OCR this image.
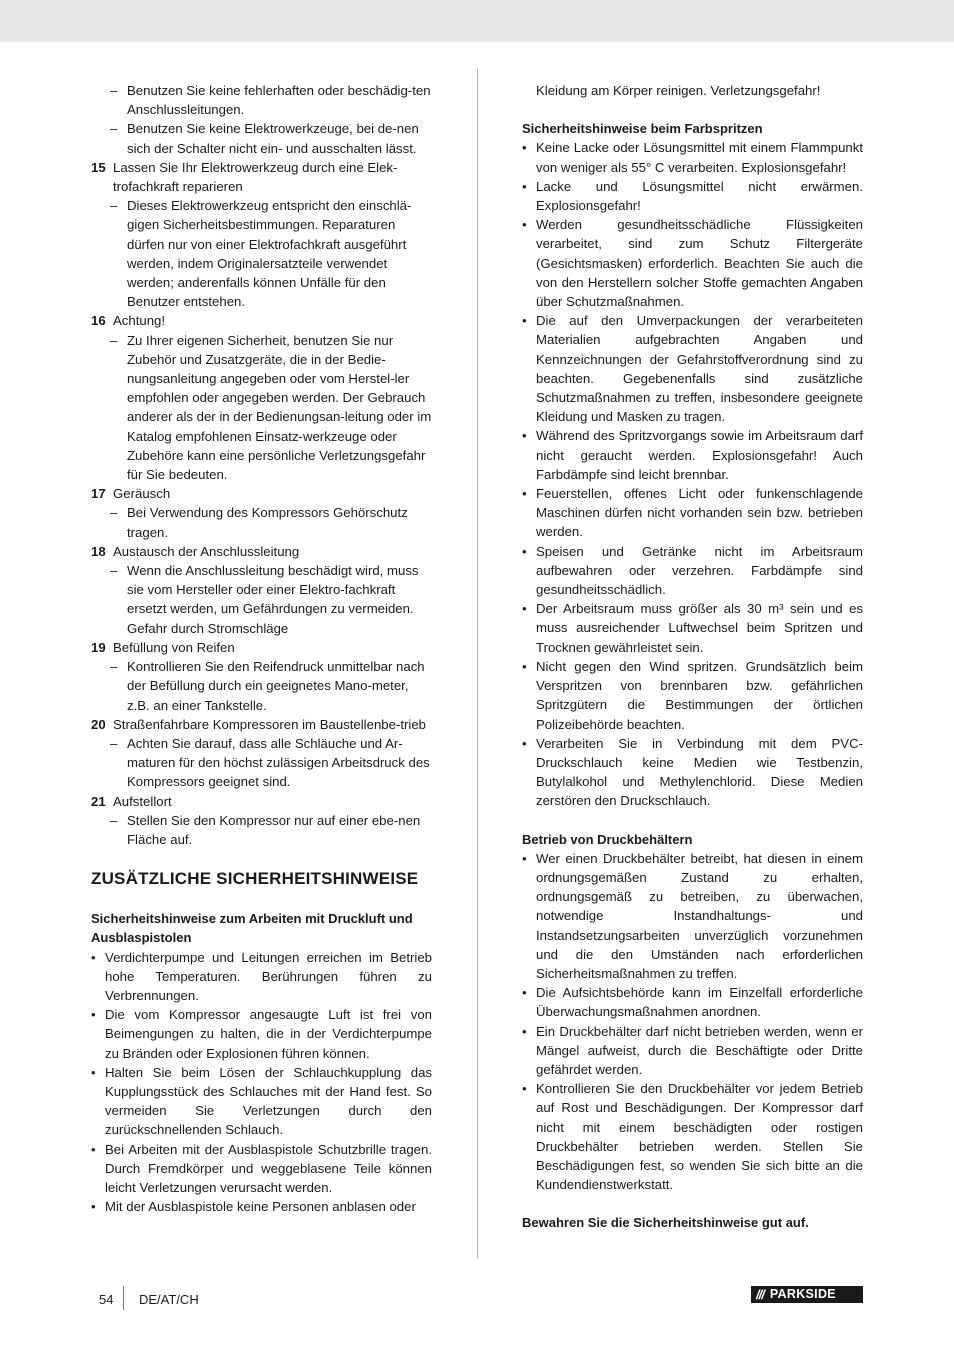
– Benutzen Sie keine fehlerhaften oder beschädig-ten Anschlussleitungen.
– Benutzen Sie keine Elektrowerkzeuge, bei de-nen sich der Schalter nicht ein- und ausschalten lässt.
15 Lassen Sie Ihr Elektrowerkzeug durch eine Elek-trofachkraft reparieren
– Dieses Elektrowerkzeug entspricht den einschlä-gigen Sicherheitsbestimmungen. Reparaturen dürfen nur von einer Elektrofachkraft ausgeführt werden, indem Originalersatzteile verwendet werden; anderenfalls können Unfälle für den Benutzer entstehen.
16 Achtung!
– Zu Ihrer eigenen Sicherheit, benutzen Sie nur Zubehör und Zusatzgeräte, die in der Bedie-nungsanleitung angegeben oder vom Herstel-ler empfohlen oder angegeben werden. Der Gebrauch anderer als der in der Bedienungsan-leitung oder im Katalog empfohlenen Einsatz-werkzeuge oder Zubehöre kann eine persönliche Verletzungsgefahr für Sie bedeuten.
17 Geräusch
– Bei Verwendung des Kompressors Gehörschutz tragen.
18 Austausch der Anschlussleitung
– Wenn die Anschlussleitung beschädigt wird, muss sie vom Hersteller oder einer Elektro-fachkraft ersetzt werden, um Gefährdungen zu vermeiden. Gefahr durch Stromschläge
19 Befüllung von Reifen
– Kontrollieren Sie den Reifendruck unmittelbar nach der Befüllung durch ein geeignetes Mano-meter, z.B. an einer Tankstelle.
20 Straßenfahrbare Kompressoren im Baustellenbe-trieb
– Achten Sie darauf, dass alle Schläuche und Ar-maturen für den höchst zulässigen Arbeitsdruck des Kompressors geeignet sind.
21 Aufstellort
– Stellen Sie den Kompressor nur auf einer ebe-nen Fläche auf.
ZUSÄTZLICHE SICHERHEITSHINWEISE
Sicherheitshinweise zum Arbeiten mit Druckluft und Ausblaspistolen
• Verdichterpumpe und Leitungen erreichen im Betrieb hohe Temperaturen. Berührungen führen zu Verbrennungen.
• Die vom Kompressor angesaugte Luft ist frei von Beimengungen zu halten, die in der Verdichterpumpe zu Bränden oder Explosionen führen können.
• Halten Sie beim Lösen der Schlauchkupplung das Kupplungsstück des Schlauches mit der Hand fest. So vermeiden Sie Verletzungen durch den zurückschnellenden Schlauch.
• Bei Arbeiten mit der Ausblaspistole Schutzbrille tragen. Durch Fremdkörper und weggeblasene Teile können leicht Verletzungen verursacht werden.
• Mit der Ausblaspistole keine Personen anblasen oder
Kleidung am Körper reinigen. Verletzungsgefahr!
Sicherheitshinweise beim Farbspritzen
• Keine Lacke oder Lösungsmittel mit einem Flammpunkt von weniger als 55° C verarbeiten. Explosionsgefahr!
• Lacke und Lösungsmittel nicht erwärmen. Explosionsgefahr!
• Werden gesundheitsschädliche Flüssigkeiten verarbeitet, sind zum Schutz Filtergeräte (Gesichtsmasken) erforderlich. Beachten Sie auch die von den Herstellern solcher Stoffe gemachten Angaben über Schutzmaßnahmen.
• Die auf den Umverpackungen der verarbeiteten Materialien aufgebrachten Angaben und Kennzeichnungen der Gefahrstoffverordnung sind zu beachten. Gegebenenfalls sind zusätzliche Schutzmaßnahmen zu treffen, insbesondere geeignete Kleidung und Masken zu tragen.
• Während des Spritzvorgangs sowie im Arbeitsraum darf nicht geraucht werden. Explosionsgefahr! Auch Farbdämpfe sind leicht brennbar.
• Feuerstellen, offenes Licht oder funkenschlagende Maschinen dürfen nicht vorhanden sein bzw. betrieben werden.
• Speisen und Getränke nicht im Arbeitsraum aufbewahren oder verzehren. Farbdämpfe sind gesundheitsschädlich.
• Der Arbeitsraum muss größer als 30 m³ sein und es muss ausreichender Luftwechsel beim Spritzen und Trocknen gewährleistet sein.
• Nicht gegen den Wind spritzen. Grundsätzlich beim Verspritzen von brennbaren bzw. gefährlichen Spritzgütern die Bestimmungen der örtlichen Polizeibehörde beachten.
• Verarbeiten Sie in Verbindung mit dem PVC-Druckschlauch keine Medien wie Testbenzin, Butylalkohol und Methylenchlorid. Diese Medien zerstören den Druckschlauch.
Betrieb von Druckbehältern
• Wer einen Druckbehälter betreibt, hat diesen in einem ordnungsgemäßen Zustand zu erhalten, ordnungsgemäß zu betreiben, zu überwachen, notwendige Instandhaltungs- und Instandsetzungsarbeiten unverzüglich vorzunehmen und die den Umständen nach erforderlichen Sicherheitsmaßnahmen zu treffen.
• Die Aufsichtsbehörde kann im Einzelfall erforderliche Überwachungsmaßnahmen anordnen.
• Ein Druckbehälter darf nicht betrieben werden, wenn er Mängel aufweist, durch die Beschäftigte oder Dritte gefährdet werden.
• Kontrollieren Sie den Druckbehälter vor jedem Betrieb auf Rost und Beschädigungen. Der Kompressor darf nicht mit einem beschädigten oder rostigen Druckbehälter betrieben werden. Stellen Sie Beschädigungen fest, so wenden Sie sich bitte an die Kundendienstwerkstatt.
Bewahren Sie die Sicherheitshinweise gut auf.
54 DE/AT/CH	/// PARKSIDE
